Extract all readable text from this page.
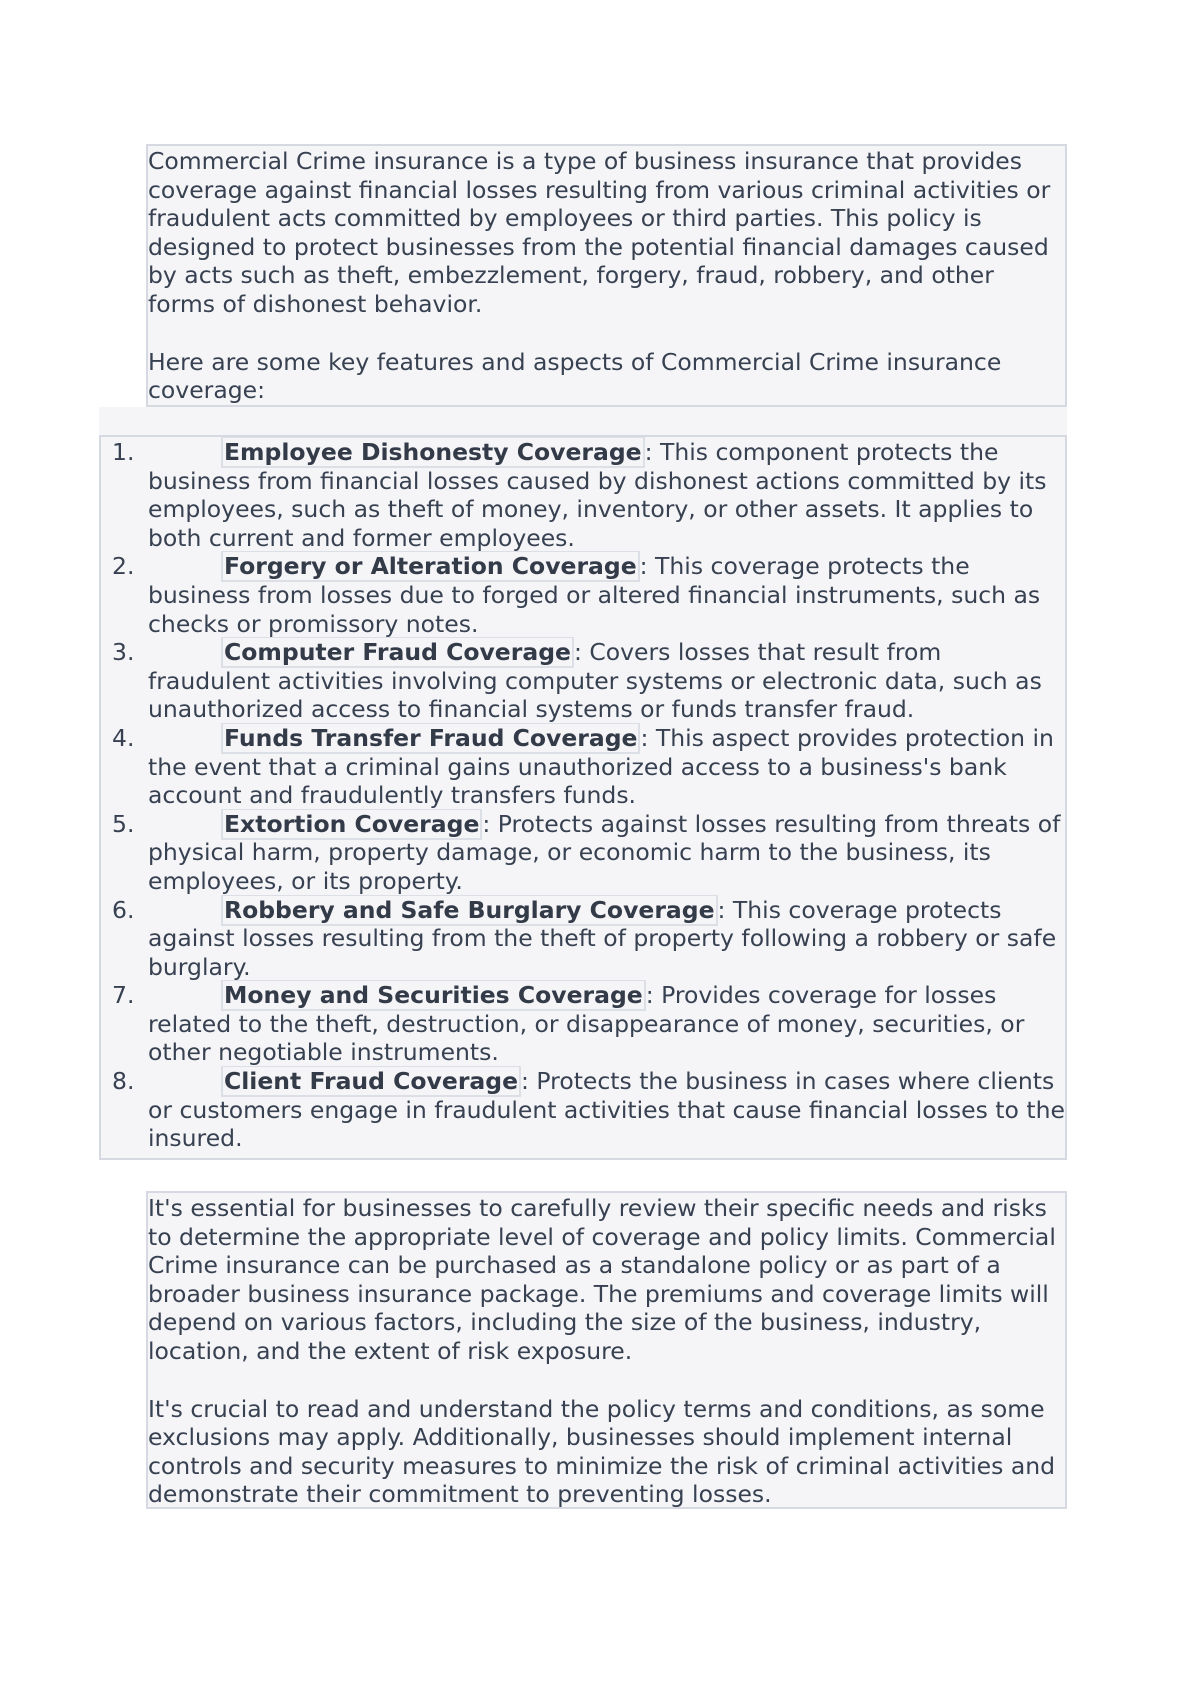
Commercial Crime insurance is a type of business insurance that provides coverage against financial losses resulting from various criminal activities or fraudulent acts committed by employees or third parties. This policy is designed to protect businesses from the potential financial damages caused by acts such as theft, embezzlement, forgery, fraud, robbery, and other forms of dishonest behavior.

Here are some key features and aspects of Commercial Crime insurance coverage:

1.	Employee Dishonesty Coverage : This component protects the business from financial losses caused by dishonest actions committed by its employees, such as theft of money, inventory, or other assets. It applies to both current and former employees.
2.	Forgery or Alteration Coverage : This coverage protects the business from losses due to forged or altered financial instruments, such as checks or promissory notes.
3.	Computer Fraud Coverage : Covers losses that result from fraudulent activities involving computer systems or electronic data, such as unauthorized access to financial systems or funds transfer fraud.
4.	Funds Transfer Fraud Coverage : This aspect provides protection in the event that a criminal gains unauthorized access to a business's bank account and fraudulently transfers funds.
5.	Extortion Coverage : Protects against losses resulting from threats of physical harm, property damage, or economic harm to the business, its employees, or its property.
6.	Robbery and Safe Burglary Coverage : This coverage protects against losses resulting from the theft of property following a robbery or safe burglary.
7.	Money and Securities Coverage : Provides coverage for losses related to the theft, destruction, or disappearance of money, securities, or other negotiable instruments.
8.	Client Fraud Coverage : Protects the business in cases where clients or customers engage in fraudulent activities that cause financial losses to the insured.

It's essential for businesses to carefully review their specific needs and risks to determine the appropriate level of coverage and policy limits. Commercial Crime insurance can be purchased as a standalone policy or as part of a broader business insurance package. The premiums and coverage limits will depend on various factors, including the size of the business, industry, location, and the extent of risk exposure.

It's crucial to read and understand the policy terms and conditions, as some exclusions may apply. Additionally, businesses should implement internal controls and security measures to minimize the risk of criminal activities and demonstrate their commitment to preventing losses.
